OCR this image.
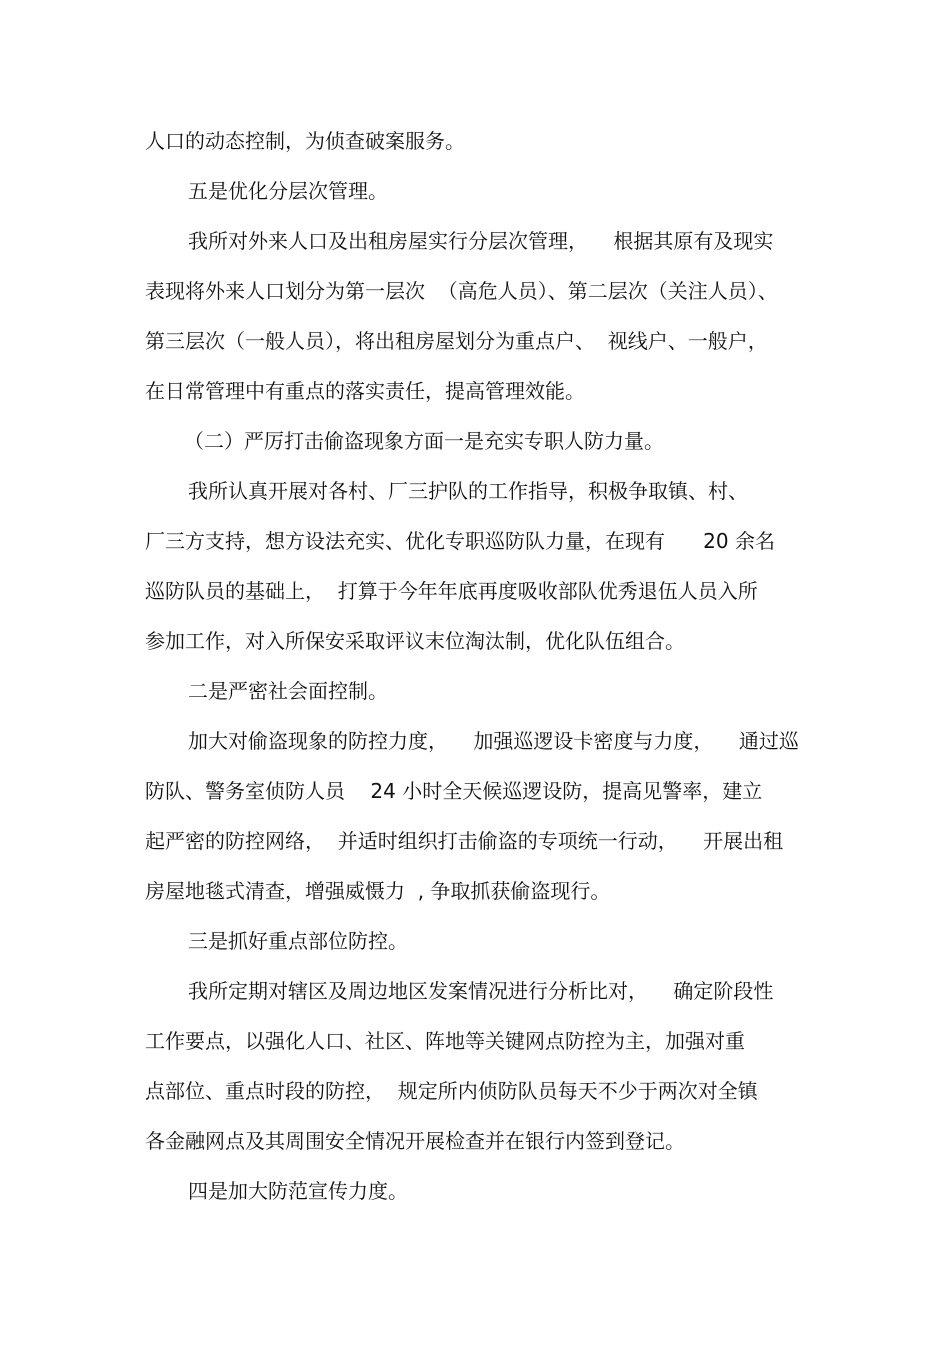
人口的动态控制，为侦查破案服务。

五是优化分层次管理。

我所对外来人口及出租房屋实行分层次管理，    根据其原有及现实

表现将外来人口划分为第一层次  （高危人员）、第二层次（关注人员）、

第三层次（一般人员），将出租房屋划分为重点户、  视线户、一般户，

在日常管理中有重点的落实责任，提高管理效能。

（二）严厉打击偷盗现象方面一是充实专职人防力量。

我所认真开展对各村、厂三护队的工作指导，积极争取镇、村、

厂三方支持，想方设法充实、优化专职巡防队力量，在现有      20 余名

巡防队员的基础上，  打算于今年年底再度吸收部队优秀退伍人员入所

参加工作，对入所保安采取评议末位淘汰制，优化队伍组合。

二是严密社会面控制。

加大对偷盗现象的防控力度，    加强巡逻设卡密度与力度，    通过巡

防队、警务室侦防人员    24 小时全天候巡逻设防，提高见警率，建立

起严密的防控网络，  并适时组织打击偷盗的专项统一行动，    开展出租

房屋地毯式清查，增强威慑力  , 争取抓获偷盗现行。

三是抓好重点部位防控。

我所定期对辖区及周边地区发案情况进行分析比对，    确定阶段性

工作要点，以强化人口、社区、阵地等关键网点防控为主，加强对重

点部位、重点时段的防控，  规定所内侦防队员每天不少于两次对全镇

各金融网点及其周围安全情况开展检查并在银行内签到登记。

四是加大防范宣传力度。
